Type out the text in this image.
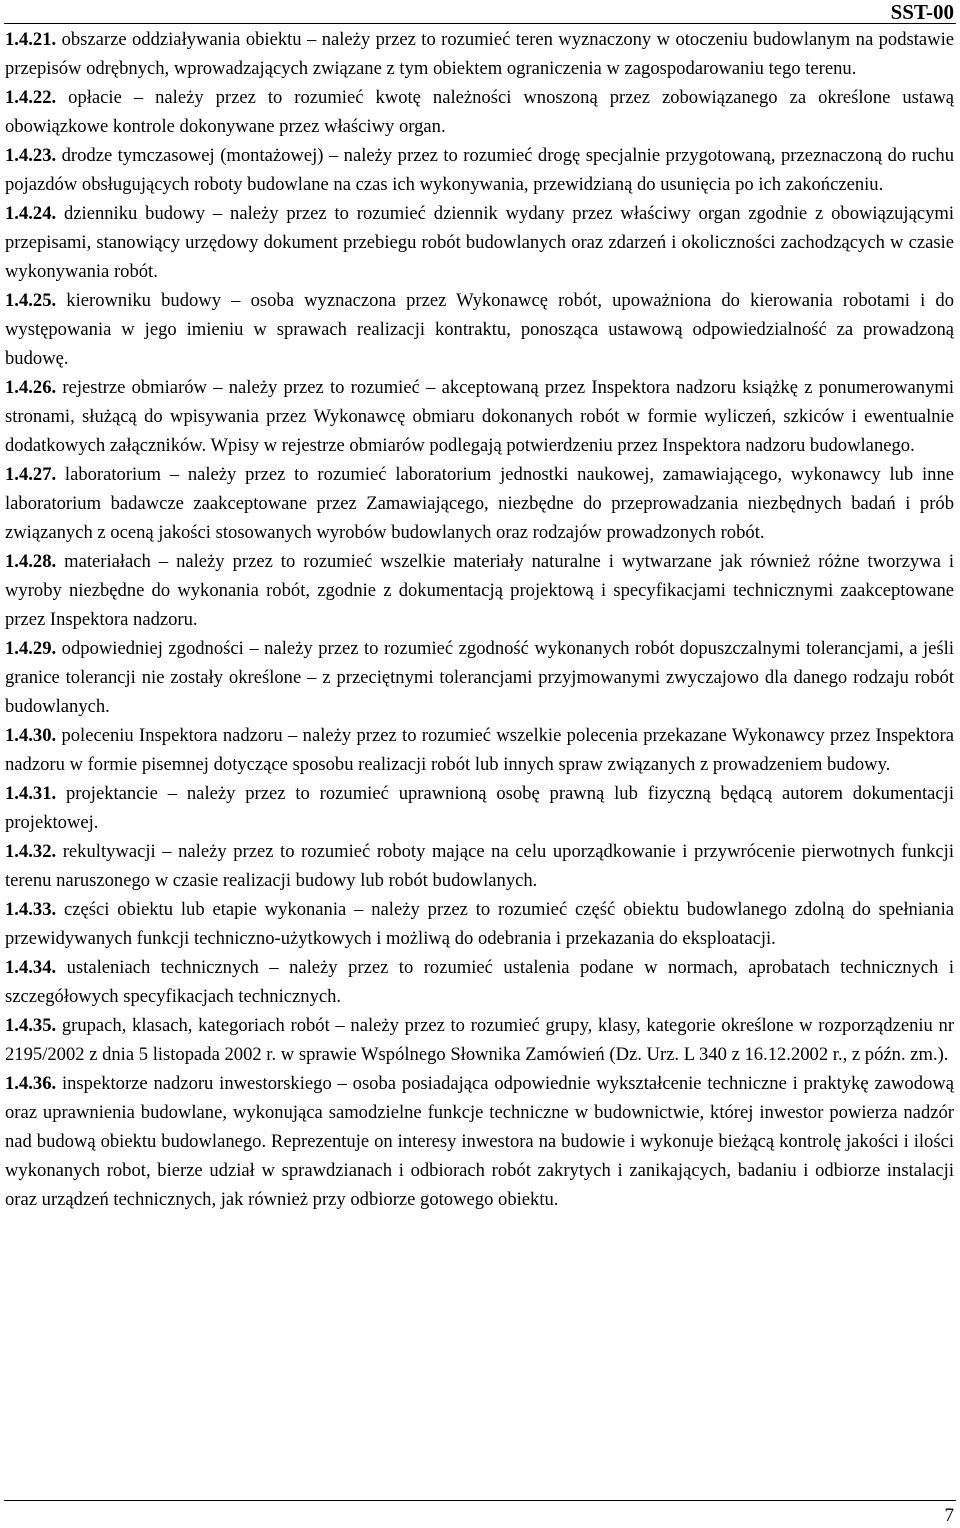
SST-00

1.4.21. obszarze oddziaływania obiektu – należy przez to rozumieć teren wyznaczony w otoczeniu budowlanym na podstawie przepisów odrębnych, wprowadzających związane z tym obiektem ograniczenia w zagospodarowaniu tego terenu.

1.4.22. opłacie – należy przez to rozumieć kwotę należności wnoszoną przez zobowiązanego za określone ustawą obowiązkowe kontrole dokonywane przez właściwy organ.

1.4.23. drodze tymczasowej (montażowej) – należy przez to rozumieć drogę specjalnie przygotowaną, przeznaczoną do ruchu pojazdów obsługujących roboty budowlane na czas ich wykonywania, przewidzianą do usunięcia po ich zakończeniu.

1.4.24. dzienniku budowy – należy przez to rozumieć dziennik wydany przez właściwy organ zgodnie z obowiązującymi przepisami, stanowiący urzędowy dokument przebiegu robót budowlanych oraz zdarzeń i okoliczności zachodzących w czasie wykonywania robót.

1.4.25. kierowniku budowy – osoba wyznaczona przez Wykonawcę robót, upoważniona do kierowania robotami i do występowania w jego imieniu w sprawach realizacji kontraktu, ponosząca ustawową odpowiedzialność za prowadzoną budowę.

1.4.26. rejestrze obmiarów – należy przez to rozumieć – akceptowaną przez Inspektora nadzoru książkę z ponumerowanymi stronami, służącą do wpisywania przez Wykonawcę obmiaru dokonanych robót w formie wyliczeń, szkiców i ewentualnie dodatkowych załączników. Wpisy w rejestrze obmiarów podlegają potwierdzeniu przez Inspektora nadzoru budowlanego.

1.4.27. laboratorium – należy przez to rozumieć laboratorium jednostki naukowej, zamawiającego, wykonawcy lub inne laboratorium badawcze zaakceptowane przez Zamawiającego, niezbędne do przeprowadzania niezbędnych badań i prób związanych z oceną jakości stosowanych wyrobów budowlanych oraz rodzajów prowadzonych robót.

1.4.28. materiałach – należy przez to rozumieć wszelkie materiały naturalne i wytwarzane jak również różne tworzywa i wyroby niezbędne do wykonania robót, zgodnie z dokumentacją projektową i specyfikacjami technicznymi zaakceptowane przez Inspektora nadzoru.

1.4.29. odpowiedniej zgodności – należy przez to rozumieć zgodność wykonanych robót dopuszczalnymi tolerancjami, a jeśli granice tolerancji nie zostały określone – z przeciętnymi tolerancjami przyjmowanymi zwyczajowo dla danego rodzaju robót budowlanych.

1.4.30. poleceniu Inspektora nadzoru – należy przez to rozumieć wszelkie polecenia przekazane Wykonawcy przez Inspektora nadzoru w formie pisemnej dotyczące sposobu realizacji robót lub innych spraw związanych z prowadzeniem budowy.

1.4.31. projektancie – należy przez to rozumieć uprawnioną osobę prawną lub fizyczną będącą autorem dokumentacji projektowej.

1.4.32. rekultywacji – należy przez to rozumieć roboty mające na celu uporządkowanie i przywrócenie pierwotnych funkcji terenu naruszonego w czasie realizacji budowy lub robót budowlanych.

1.4.33. części obiektu lub etapie wykonania – należy przez to rozumieć część obiektu budowlanego zdolną do spełniania przewidywanych funkcji techniczno-użytkowych i możliwą do odebrania i przekazania do eksploatacji.

1.4.34. ustaleniach technicznych – należy przez to rozumieć ustalenia podane w normach, aprobatach technicznych i szczegółowych specyfikacjach technicznych.

1.4.35. grupach, klasach, kategoriach robót – należy przez to rozumieć grupy, klasy, kategorie określone w rozporządzeniu nr 2195/2002 z dnia 5 listopada 2002 r. w sprawie Wspólnego Słownika Zamówień (Dz. Urz. L 340 z 16.12.2002 r., z późn. zm.).

1.4.36. inspektorze nadzoru inwestorskiego – osoba posiadająca odpowiednie wykształcenie techniczne i praktykę zawodową oraz uprawnienia budowlane, wykonująca samodzielne funkcje techniczne w budownictwie, której inwestor powierza nadzór nad budową obiektu budowlanego. Reprezentuje on interesy inwestora na budowie i wykonuje bieżącą kontrolę jakości i ilości wykonanych robot, bierze udział w sprawdzianach i odbiorach robót zakrytych i zanikających, badaniu i odbiorze instalacji oraz urządzeń technicznych, jak również przy odbiorze gotowego obiektu.

7
